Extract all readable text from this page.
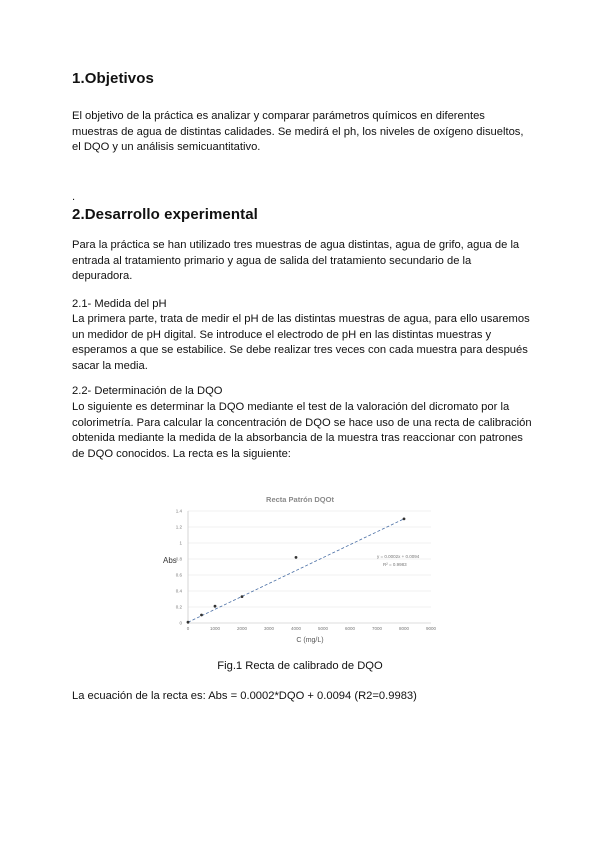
1.Objetivos

El objetivo de la práctica es analizar y comparar parámetros químicos en diferentes muestras de agua de distintas calidades. Se medirá el ph, los niveles de oxígeno disueltos, el DQO y un análisis semicuantitativo.

.

2.Desarrollo experimental

Para la práctica se han utilizado tres muestras de agua distintas, agua de grifo, agua de la entrada al tratamiento primario y agua de salida del tratamiento secundario de la depuradora.

2.1- Medida del pH

La primera parte, trata de medir el pH de las distintas muestras de agua, para ello usaremos un medidor de pH digital. Se introduce el electrodo de pH en las distintas muestras y esperamos a que se estabilice. Se debe realizar tres veces con cada muestra para después sacar la media.

2.2- Determinación de la DQO

Lo siguiente es determinar la DQO mediante el test de la valoración del dicromato por la colorimetría. Para calcular la concentración de DQO se hace uso de una recta de calibración obtenida mediante la medida de la absorbancia de la muestra tras reaccionar con patrones de DQO conocidos. La recta es la siguiente:

Recta Patrón DQOt
0
0.2
0.4
0.6
0.8
1
1.2
1.4
0	1000	2000	3000	4000	5000	6000	7000	8000	9000
Abs
C (mg/L)
y = 0.0002x + 0.0094
R² = 0.9983

Fig.1 Recta de calibrado de DQO

La ecuación de la recta es: Abs = 0.0002*DQO + 0.0094 (R2=0.9983)
